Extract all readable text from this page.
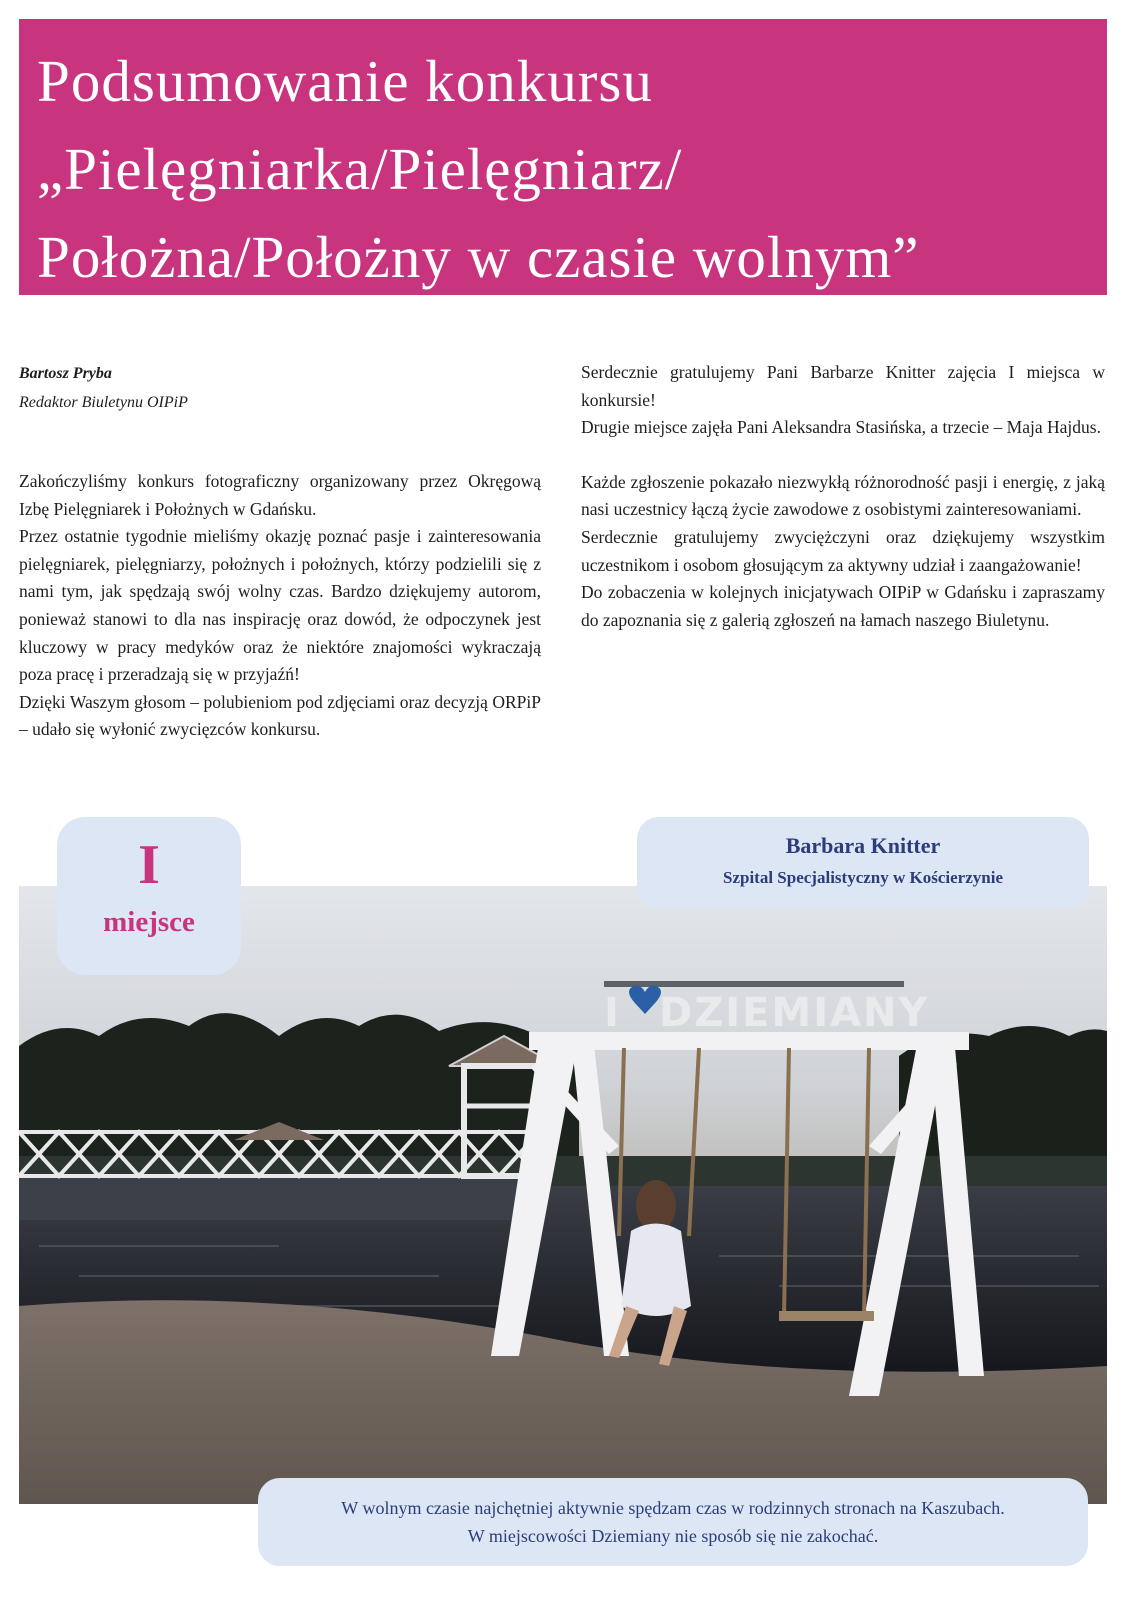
Podsumowanie konkursu
„Pielęgniarka/Pielęgniarz/
Położna/Położny w czasie wolnym”
Bartosz Pryba
Redaktor Biuletynu OIPiP

Zakończyliśmy konkurs fotograficzny organizowany przez Okręgową Izbę Pielęgniarek i Położnych w Gdańsku.

Przez ostatnie tygodnie mieliśmy okazję poznać pasje i zainteresowania pielęgniarek, pielęgniarzy, położnych i położnych, którzy podzielili się z nami tym, jak spędzają swój wolny czas. Bardzo dziękujemy autorom, ponieważ stanowi to dla nas inspirację oraz dowód, że odpoczynek jest kluczowy w pracy medyków oraz że niektóre znajomości wykraczają poza pracę i przeradzają się w przyjaźń!

Dzięki Waszym głosom – polubieniom pod zdjęciami oraz decyzją ORPiP – udało się wyłonić zwycięzców konkursu.

Serdecznie gratulujemy Pani Barbarze Knitter zajęcia I miejsca w konkursie!

Drugie miejsce zajęła Pani Aleksandra Stasińska, a trzecie – Maja Hajdus.

Każde zgłoszenie pokazało niezwykłą różnorodność pasji i energię, z jaką nasi uczestnicy łączą życie zawodowe z osobistymi zainteresowaniami.

Serdecznie gratulujemy zwyciężczyni oraz dziękujemy wszystkim uczestnikom i osobom głosującym za aktywny udział i zaangażowanie!

Do zobaczenia w kolejnych inicjatywach OIPiP w Gdańsku i zapraszamy do zapoznania się z galerią zgłoszeń na łamach naszego Biuletynu.

I DZIEMIANY
I
miejsce
Barbara Knitter
Szpital Specjalistyczny w Kościerzynie
W wolnym czasie najchętniej aktywnie spędzam czas w rodzinnych stronach na Kaszubach.
W miejscowości Dziemiany nie sposób się nie zakochać.
